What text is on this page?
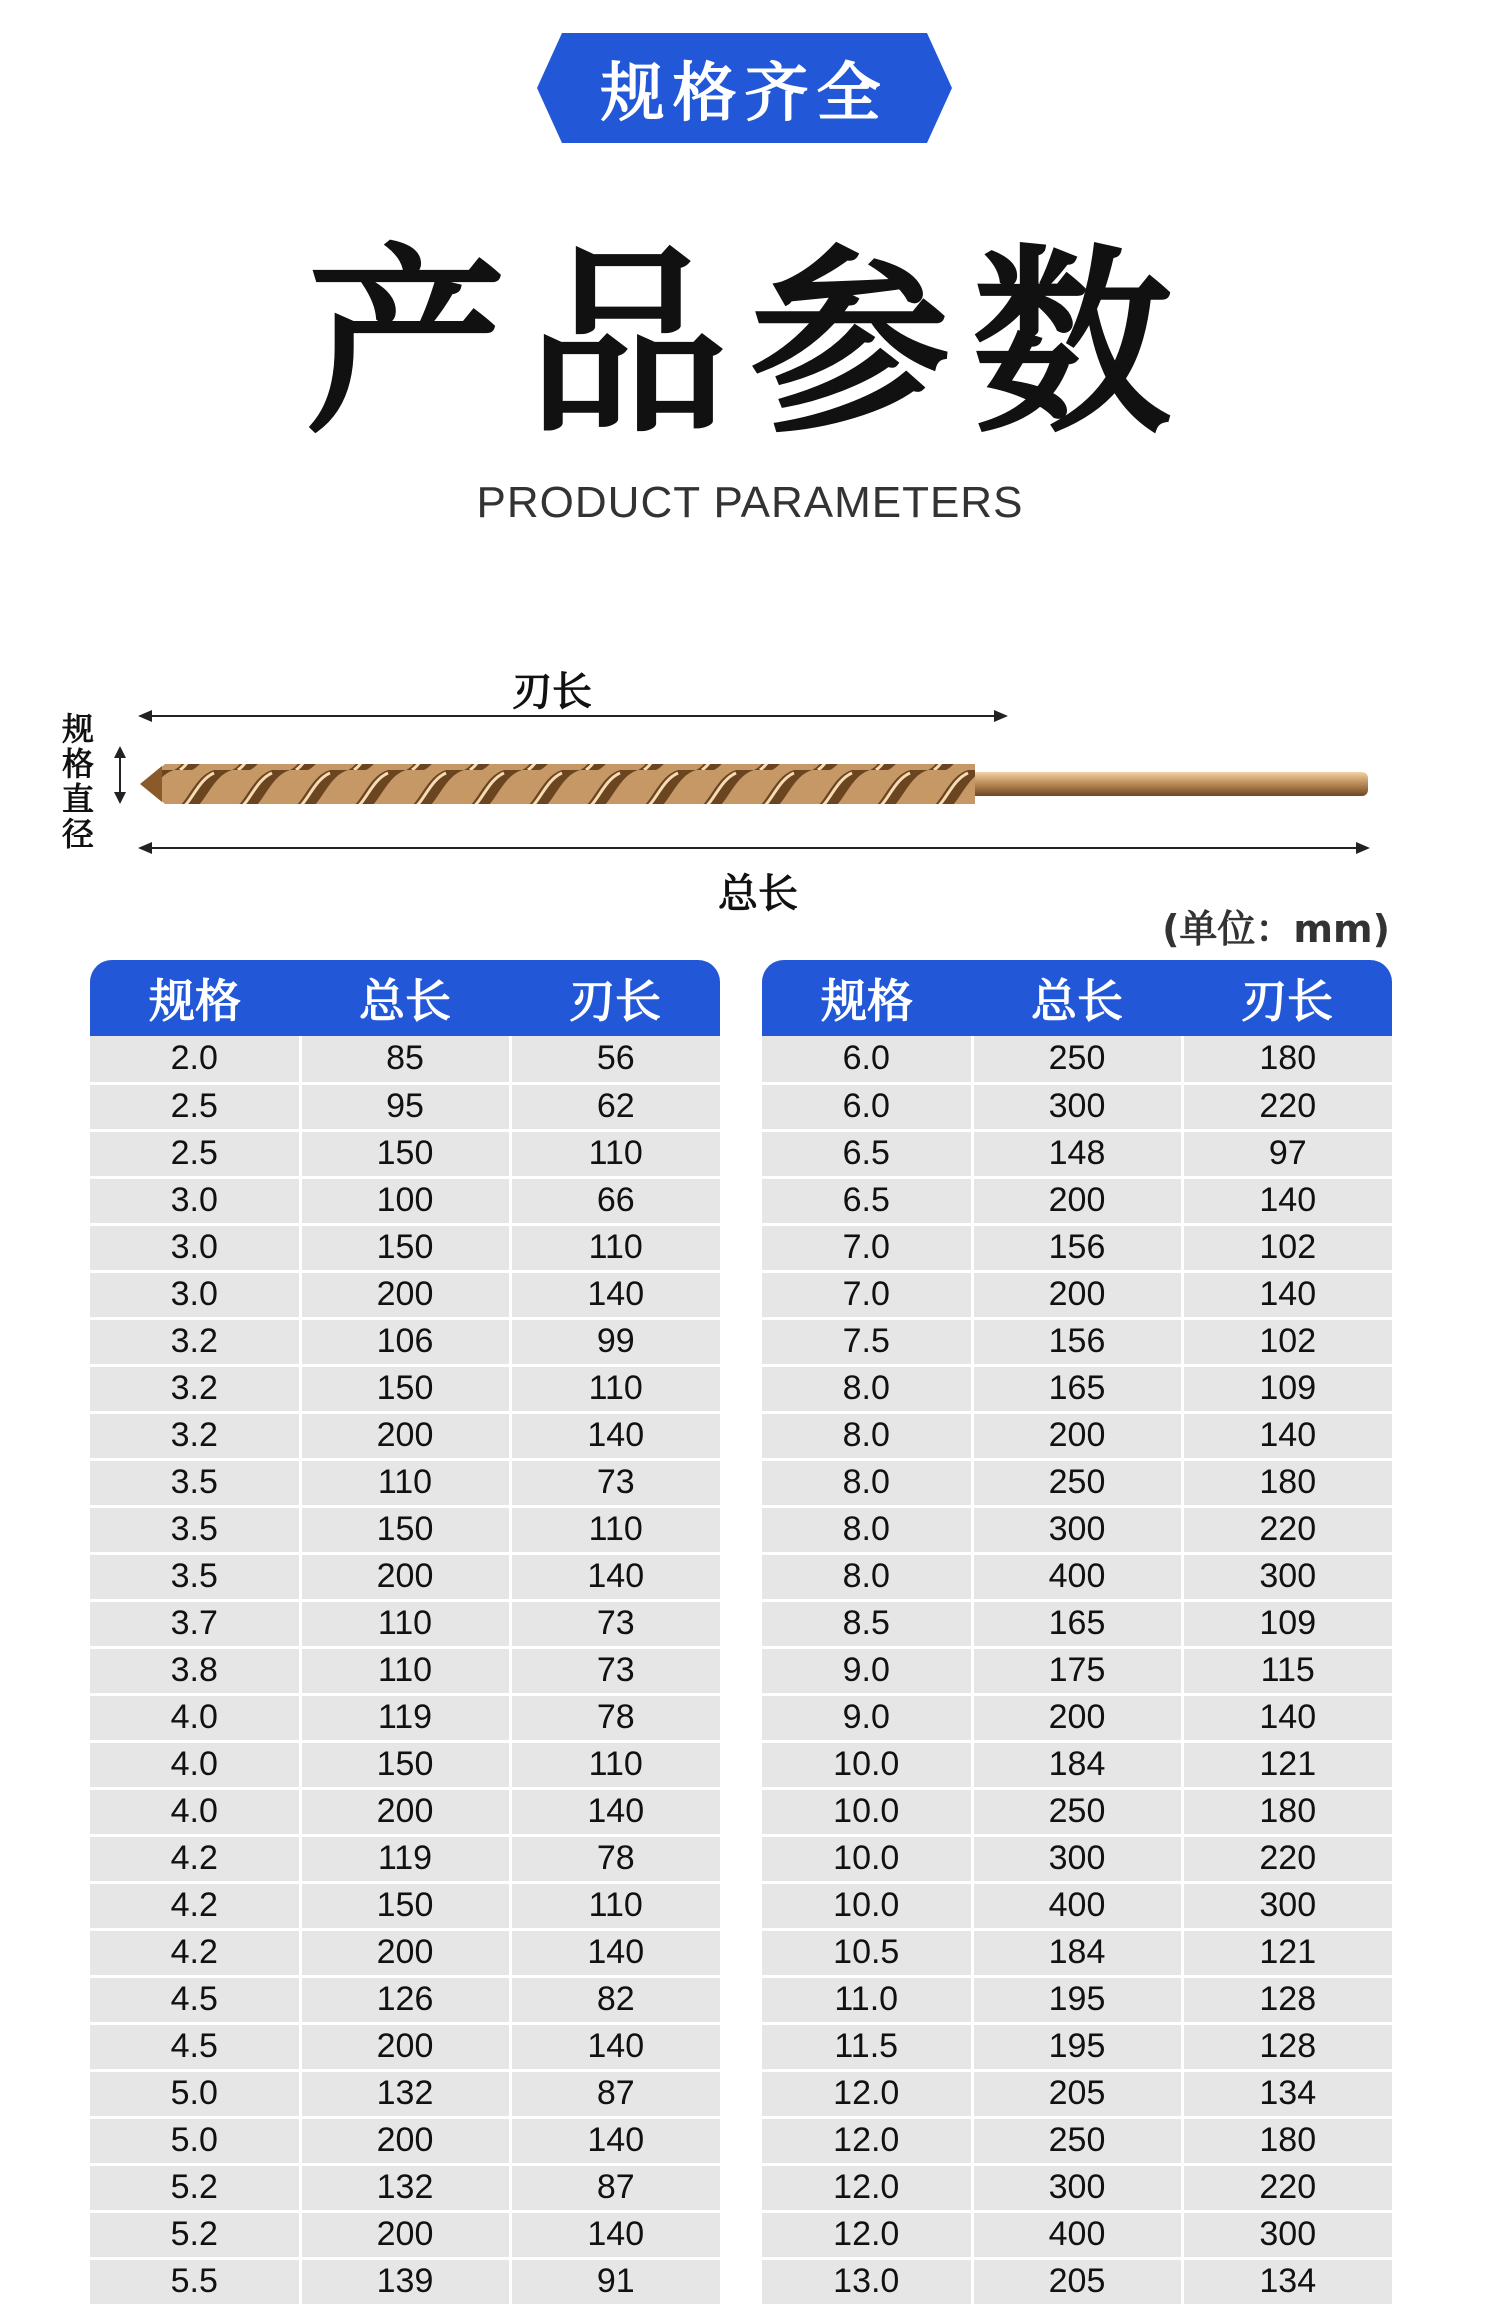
规格齐全
产品参数
PRODUCT PARAMETERS
刃长
总长
规格直径
(单位：mm)
规格	总长	刃长
2.0	85	56
2.5	95	62
2.5	150	110
3.0	100	66
3.0	150	110
3.0	200	140
3.2	106	99
3.2	150	110
3.2	200	140
3.5	110	73
3.5	150	110
3.5	200	140
3.7	110	73
3.8	110	73
4.0	119	78
4.0	150	110
4.0	200	140
4.2	119	78
4.2	150	110
4.2	200	140
4.5	126	82
4.5	200	140
5.0	132	87
5.0	200	140
5.2	132	87
5.2	200	140
5.5	139	91
规格	总长	刃长
6.0	250	180
6.0	300	220
6.5	148	97
6.5	200	140
7.0	156	102
7.0	200	140
7.5	156	102
8.0	165	109
8.0	200	140
8.0	250	180
8.0	300	220
8.0	400	300
8.5	165	109
9.0	175	115
9.0	200	140
10.0	184	121
10.0	250	180
10.0	300	220
10.0	400	300
10.5	184	121
11.0	195	128
11.5	195	128
12.0	205	134
12.0	250	180
12.0	300	220
12.0	400	300
13.0	205	134
